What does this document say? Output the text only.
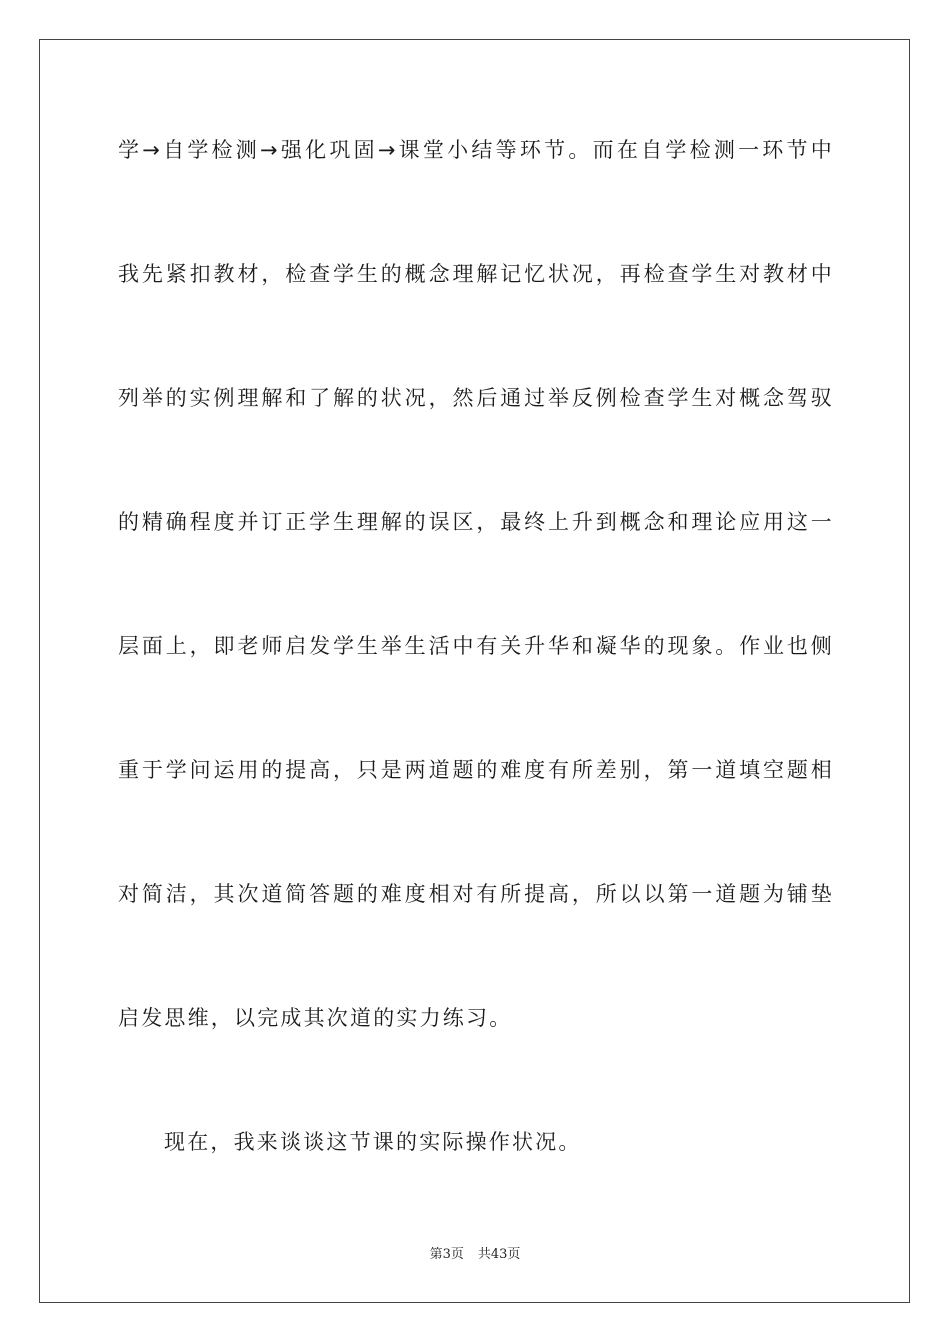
学→自学检测→强化巩固→课堂小结等环节。而在自学检测一环节中
我先紧扣教材，检查学生的概念理解记忆状况，再检查学生对教材中
列举的实例理解和了解的状况，然后通过举反例检查学生对概念驾驭
的精确程度并订正学生理解的误区，最终上升到概念和理论应用这一
层面上，即老师启发学生举生活中有关升华和凝华的现象。作业也侧
重于学问运用的提高，只是两道题的难度有所差别，第一道填空题相
对简洁，其次道简答题的难度相对有所提高，所以以第一道题为铺垫
启发思维，以完成其次道的实力练习。
现在，我来谈谈这节课的实际操作状况。
第3页 共43页
